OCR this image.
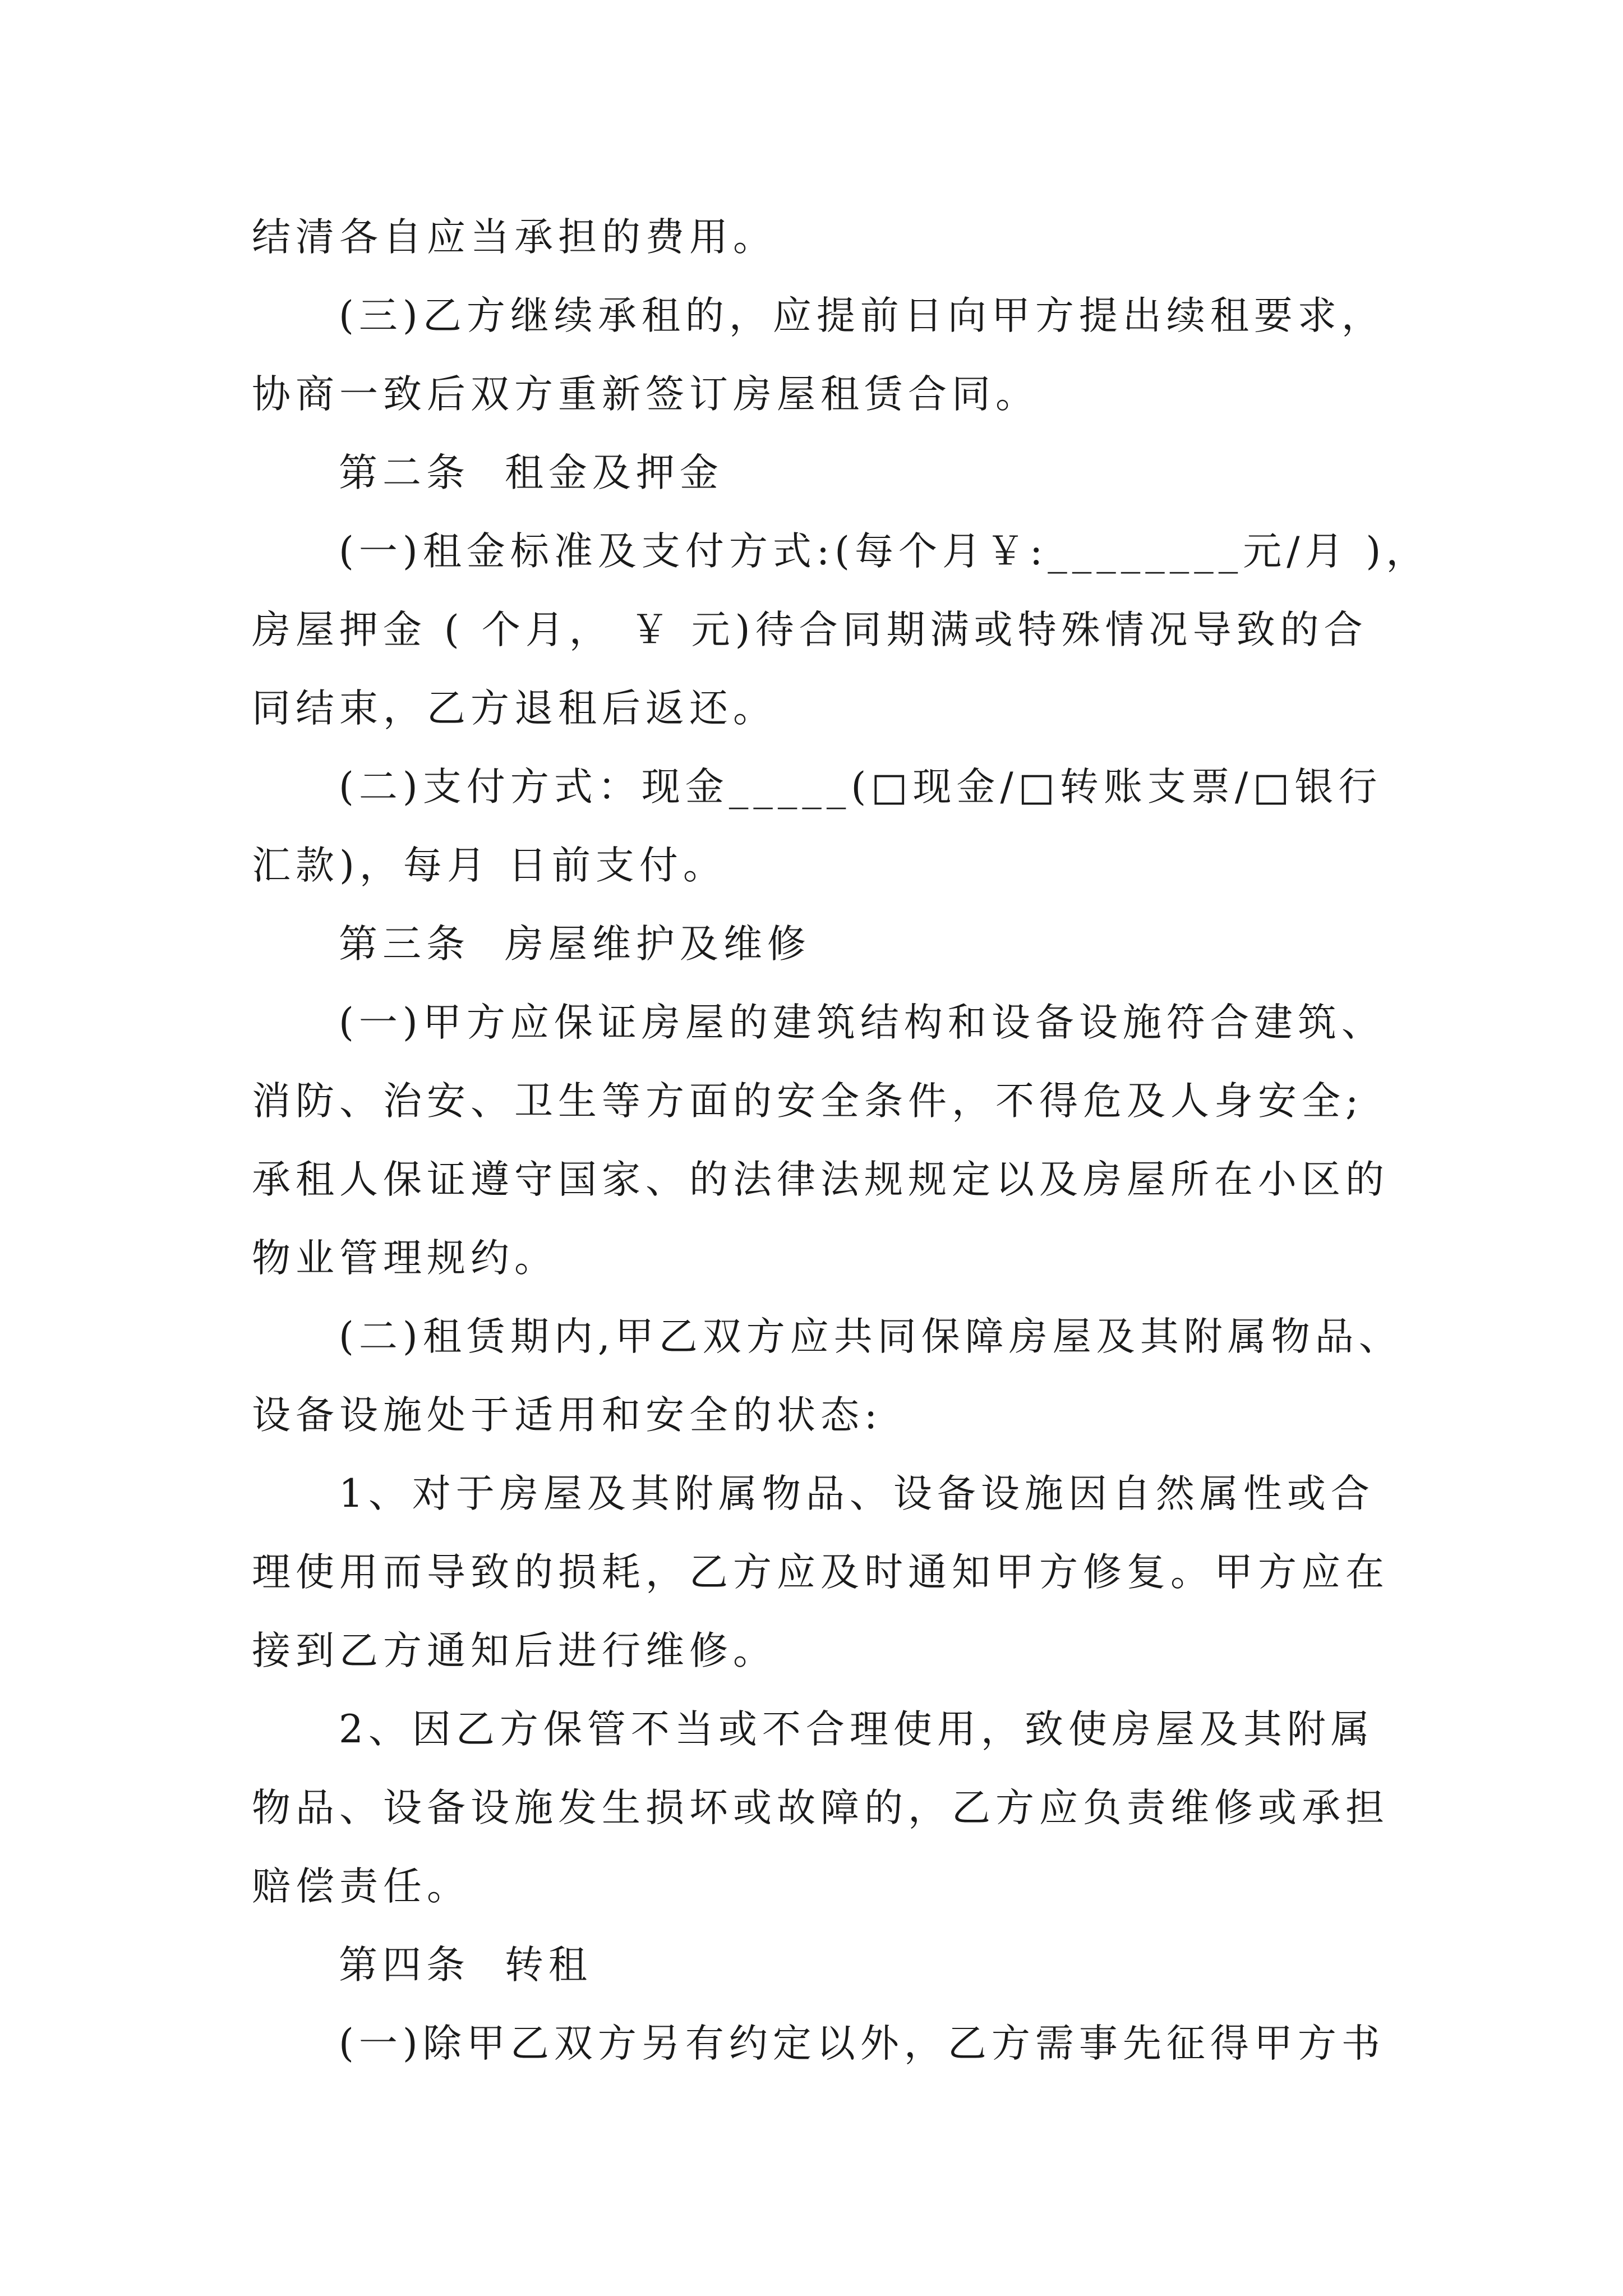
结清各自应当承担的费用。

(三)乙方继续承租的，应提前日向甲方提出续租要求，

协商一致后双方重新签订房屋租赁合同。

第二条  租金及押金

(一)租金标准及支付方式:(每个月￥:________元/月 )，

房屋押金 ( 个月， ￥ 元)待合同期满或特殊情况导致的合

同结束，乙方退租后返还。

(二)支付方式：现金_____(□现金/□转账支票/□银行

汇款)，每月 日前支付。

第三条  房屋维护及维修

(一)甲方应保证房屋的建筑结构和设备设施符合建筑、

消防、治安、卫生等方面的安全条件，不得危及人身安全;

承租人保证遵守国家、的法律法规规定以及房屋所在小区的

物业管理规约。

(二)租赁期内,甲乙双方应共同保障房屋及其附属物品、

设备设施处于适用和安全的状态:

1、对于房屋及其附属物品、设备设施因自然属性或合

理使用而导致的损耗，乙方应及时通知甲方修复。甲方应在

接到乙方通知后进行维修。

2、因乙方保管不当或不合理使用，致使房屋及其附属

物品、设备设施发生损坏或故障的，乙方应负责维修或承担

赔偿责任。

第四条  转租

(一)除甲乙双方另有约定以外，乙方需事先征得甲方书
